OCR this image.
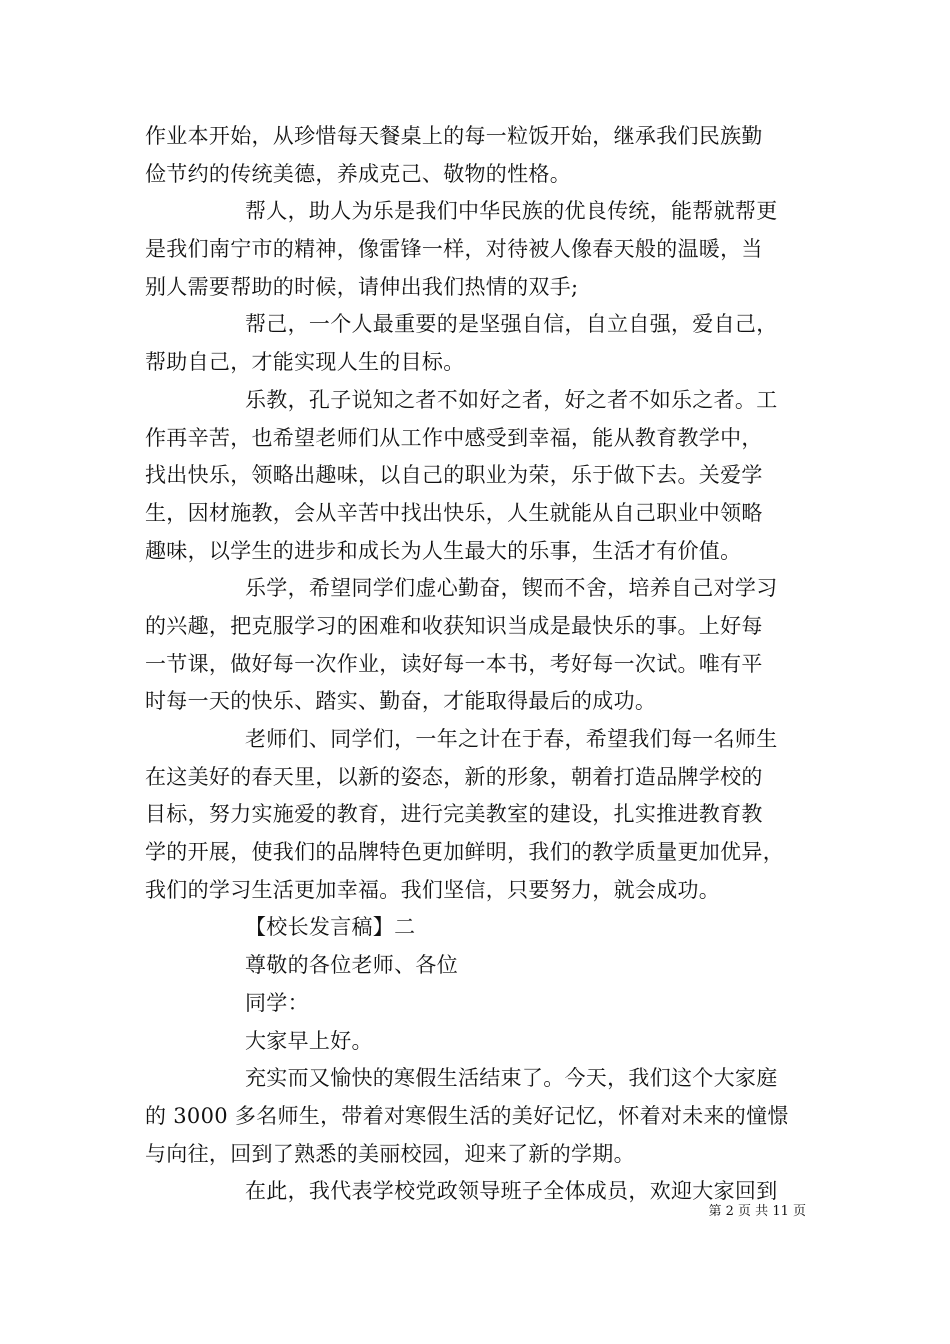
作业本开始，从珍惜每天餐桌上的每一粒饭开始，继承我们民族勤
俭节约的传统美德，养成克己、敬物的性格。
帮人，助人为乐是我们中华民族的优良传统，能帮就帮更
是我们南宁市的精神，像雷锋一样，对待被人像春天般的温暖，当
别人需要帮助的时候，请伸出我们热情的双手;
帮己，一个人最重要的是坚强自信，自立自强，爱自己，
帮助自己，才能实现人生的目标。
乐教，孔子说知之者不如好之者，好之者不如乐之者。工
作再辛苦，也希望老师们从工作中感受到幸福，能从教育教学中，
找出快乐，领略出趣味，以自己的职业为荣，乐于做下去。关爱学
生，因材施教，会从辛苦中找出快乐，人生就能从自己职业中领略
趣味，以学生的进步和成长为人生最大的乐事，生活才有价值。
乐学，希望同学们虚心勤奋，锲而不舍，培养自己对学习
的兴趣，把克服学习的困难和收获知识当成是最快乐的事。上好每
一节课，做好每一次作业，读好每一本书，考好每一次试。唯有平
时每一天的快乐、踏实、勤奋，才能取得最后的成功。
老师们、同学们，一年之计在于春，希望我们每一名师生
在这美好的春天里，以新的姿态，新的形象，朝着打造品牌学校的
目标，努力实施爱的教育，进行完美教室的建设，扎实推进教育教
学的开展，使我们的品牌特色更加鲜明，我们的教学质量更加优异，
我们的学习生活更加幸福。我们坚信，只要努力，就会成功。
【校长发言稿】二
尊敬的各位老师、各位
同学：
大家早上好。
充实而又愉快的寒假生活结束了。今天，我们这个大家庭
的 3000 多名师生，带着对寒假生活的美好记忆，怀着对未来的憧憬
与向往，回到了熟悉的美丽校园，迎来了新的学期。
在此，我代表学校党政领导班子全体成员，欢迎大家回到
第 2 页 共 11 页
